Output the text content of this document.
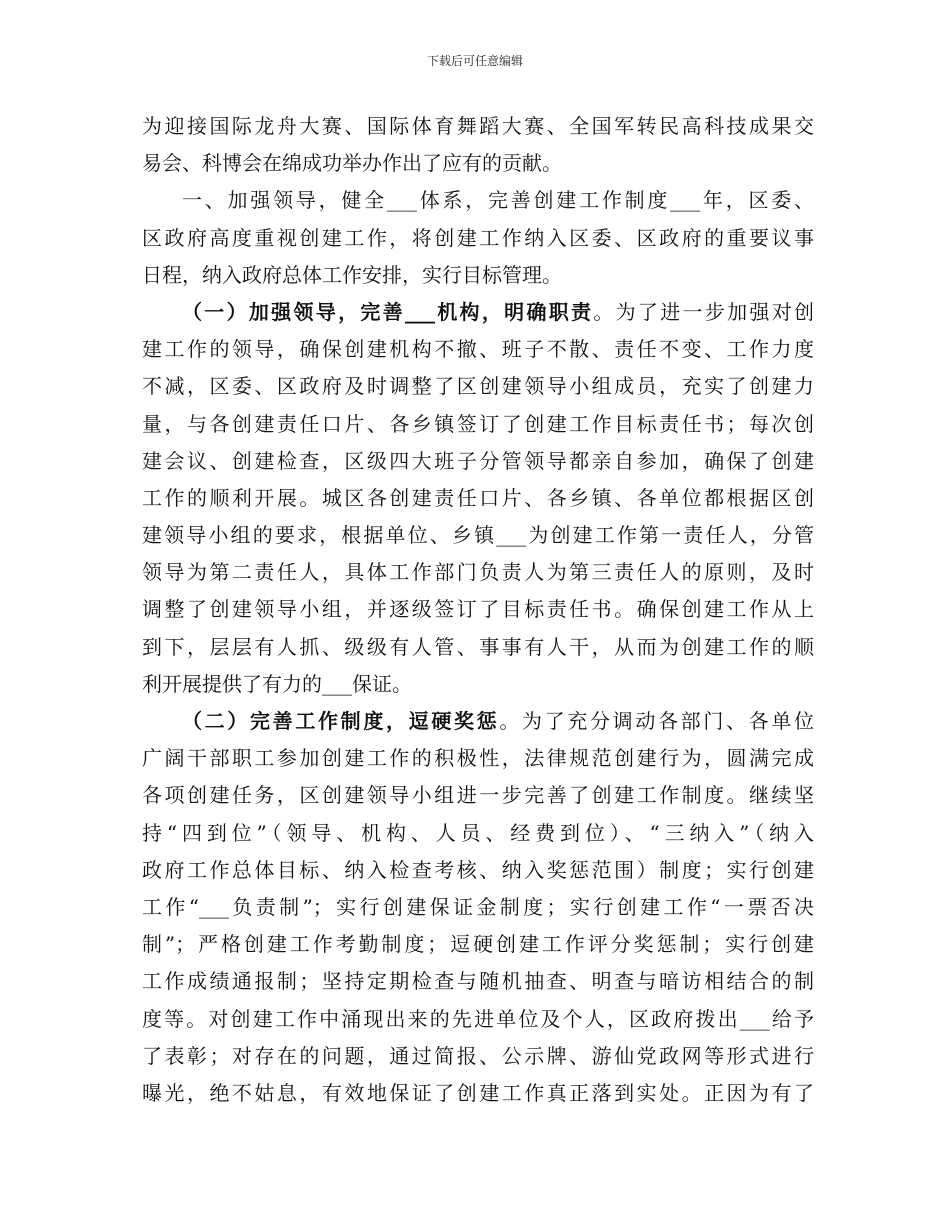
下载后可任意编辑
为迎接国际龙舟大赛、国际体育舞蹈大赛、全国军转民高科技成果交
易会、科博会在绵成功举办作出了应有的贡献。
一、加强领导，健全___体系，完善创建工作制度___年，区委、
区政府高度重视创建工作，将创建工作纳入区委、区政府的重要议事
日程，纳入政府总体工作安排，实行目标管理。
（一）加强领导，完善___机构，明确职责。为了进一步加强对创
建工作的领导，确保创建机构不撤、班子不散、责任不变、工作力度
不减，区委、区政府及时调整了区创建领导小组成员，充实了创建力
量，与各创建责任口片、各乡镇签订了创建工作目标责任书；每次创
建会议、创建检查，区级四大班子分管领导都亲自参加，确保了创建
工作的顺利开展。城区各创建责任口片、各乡镇、各单位都根据区创
建领导小组的要求，根据单位、乡镇___为创建工作第一责任人，分管
领导为第二责任人，具体工作部门负责人为第三责任人的原则，及时
调整了创建领导小组，并逐级签订了目标责任书。确保创建工作从上
到下，层层有人抓、级级有人管、事事有人干，从而为创建工作的顺
利开展提供了有力的___保证。
（二）完善工作制度，逗硬奖惩。为了充分调动各部门、各单位
广阔干部职工参加创建工作的积极性，法律规范创建行为，圆满完成
各项创建任务，区创建领导小组进一步完善了创建工作制度。继续坚
持“四到位”（领导、机构、人员、经费到位）、“三纳入”（纳入
政府工作总体目标、纳入检查考核、纳入奖惩范围）制度；实行创建
工作“___负责制”；实行创建保证金制度；实行创建工作“一票否决
制”；严格创建工作考勤制度；逗硬创建工作评分奖惩制；实行创建
工作成绩通报制；坚持定期检查与随机抽查、明查与暗访相结合的制
度等。对创建工作中涌现出来的先进单位及个人，区政府拨出___给予
了表彰；对存在的问题，通过简报、公示牌、游仙党政网等形式进行
曝光，绝不姑息，有效地保证了创建工作真正落到实处。正因为有了
